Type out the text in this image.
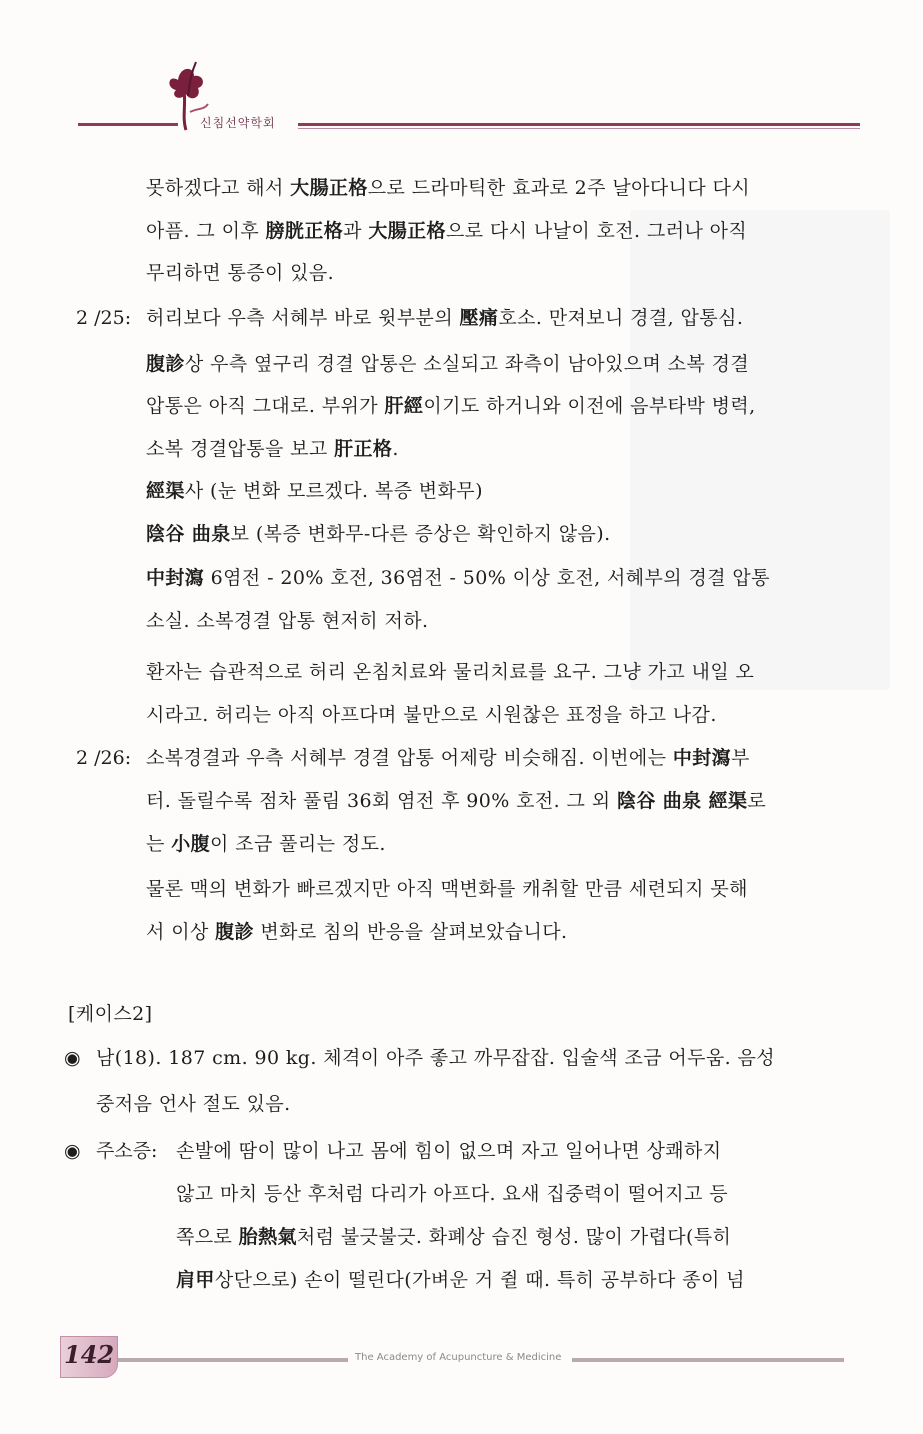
신침선약학회
못하겠다고 해서 大腸正格으로 드라마틱한 효과로 2주 날아다니다 다시
아픔. 그 이후 膀胱正格과 大腸正格으로 다시 나날이 호전. 그러나 아직
무리하면 통증이 있음.
2 /25: 허리보다 우측 서혜부 바로 윗부분의 壓痛호소. 만져보니 경결, 압통심.
腹診상 우측 옆구리 경결 압통은 소실되고 좌측이 남아있으며 소복 경결
압통은 아직 그대로. 부위가 肝經이기도 하거니와 이전에 음부타박 병력,
소복 경결압통을 보고 肝正格.
經渠사 (눈 변화 모르겠다. 복증 변화무)
陰谷 曲泉보 (복증 변화무-다른 증상은 확인하지 않음).
中封瀉 6염전 - 20% 호전, 36염전 - 50% 이상 호전, 서혜부의 경결 압통
소실. 소복경결 압통 현저히 저하.
환자는 습관적으로 허리 온침치료와 물리치료를 요구. 그냥 가고 내일 오
시라고. 허리는 아직 아프다며 불만으로 시원찮은 표정을 하고 나감.
2 /26: 소복경결과 우측 서혜부 경결 압통 어제랑 비슷해짐. 이번에는 中封瀉부
터. 돌릴수록 점차 풀림 36회 염전 후 90% 호전. 그 외 陰谷 曲泉 經渠로
는 小腹이 조금 풀리는 정도.
물론 맥의 변화가 빠르겠지만 아직 맥변화를 캐취할 만큼 세련되지 못해
서 이상 腹診 변화로 침의 반응을 살펴보았습니다.
[케이스2]
◉ 남(18). 187 cm. 90 kg. 체격이 아주 좋고 까무잡잡. 입술색 조금 어두움. 음성
중저음 언사 절도 있음.
◉ 주소증: 손발에 땀이 많이 나고 몸에 힘이 없으며 자고 일어나면 상쾌하지
않고 마치 등산 후처럼 다리가 아프다. 요새 집중력이 떨어지고 등
쪽으로 胎熱氣처럼 불긋불긋. 화폐상 습진 형성. 많이 가렵다(특히
肩甲상단으로) 손이 떨린다(가벼운 거 쥘 때. 특히 공부하다 종이 넘
142	The Academy of Acupuncture & Medicine
